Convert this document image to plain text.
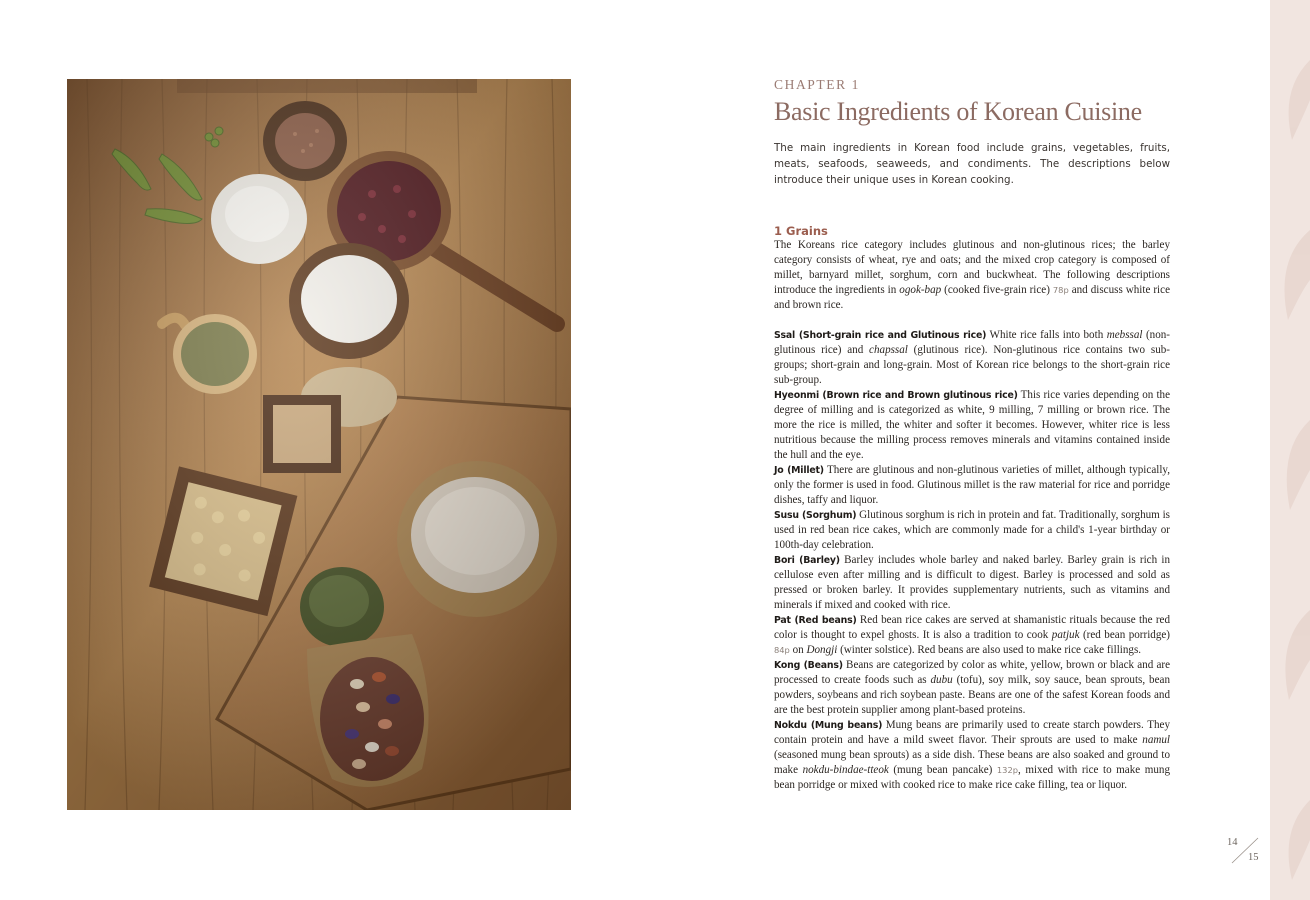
CHAPTER 1

Basic Ingredients of Korean Cuisine

The main ingredients in Korean food include grains, vegetables, fruits, meats, seafoods, seaweeds, and condiments. The descriptions below introduce their unique uses in Korean cooking.

1 Grains

The Koreans rice category includes glutinous and non-glutinous rices; the barley category consists of wheat, rye and oats; and the mixed crop category is composed of millet, barnyard millet, sorghum, corn and buckwheat. The following descriptions introduce the ingredients in ogok-bap (cooked five-grain rice) 78p and discuss white rice and brown rice.

Ssal (Short-grain rice and Glutinous rice) White rice falls into both mebssal (non-glutinous rice) and chapssal (glutinous rice). Non-glutinous rice contains two sub-groups; short-grain and long-grain. Most of Korean rice belongs to the short-grain rice sub-group.

Hyeonmi (Brown rice and Brown glutinous rice) This rice varies depending on the degree of milling and is categorized as white, 9 milling, 7 milling or brown rice. The more the rice is milled, the whiter and softer it becomes. However, whiter rice is less nutritious because the milling process removes minerals and vitamins contained inside the hull and the eye.

Jo (Millet) There are glutinous and non-glutinous varieties of millet, although typically, only the former is used in food. Glutinous millet is the raw material for rice and porridge dishes, taffy and liquor.

Susu (Sorghum) Glutinous sorghum is rich in protein and fat. Traditionally, sorghum is used in red bean rice cakes, which are commonly made for a child's 1-year birthday or 100th-day celebration.

Bori (Barley) Barley includes whole barley and naked barley. Barley grain is rich in cellulose even after milling and is difficult to digest. Barley is processed and sold as pressed or broken barley. It provides supplementary nutrients, such as vitamins and minerals if mixed and cooked with rice.

Pat (Red beans) Red bean rice cakes are served at shamanistic rituals because the red color is thought to expel ghosts. It is also a tradition to cook patjuk (red bean porridge) 84p on Dongji (winter solstice). Red beans are also used to make rice cake fillings.

Kong (Beans) Beans are categorized by color as white, yellow, brown or black and are processed to create foods such as dubu (tofu), soy milk, soy sauce, bean sprouts, bean powders, soybeans and rich soybean paste. Beans are one of the safest Korean foods and are the best protein supplier among plant-based proteins.

Nokdu (Mung beans) Mung beans are primarily used to create starch powders. They contain protein and have a mild sweet flavor. Their sprouts are used to make namul (seasoned mung bean sprouts) as a side dish. These beans are also soaked and ground to make nokdu-bindae-tteok (mung bean pancake) 132p, mixed with rice to make mung bean porridge or mixed with cooked rice to make rice cake filling, tea or liquor.

14
15
